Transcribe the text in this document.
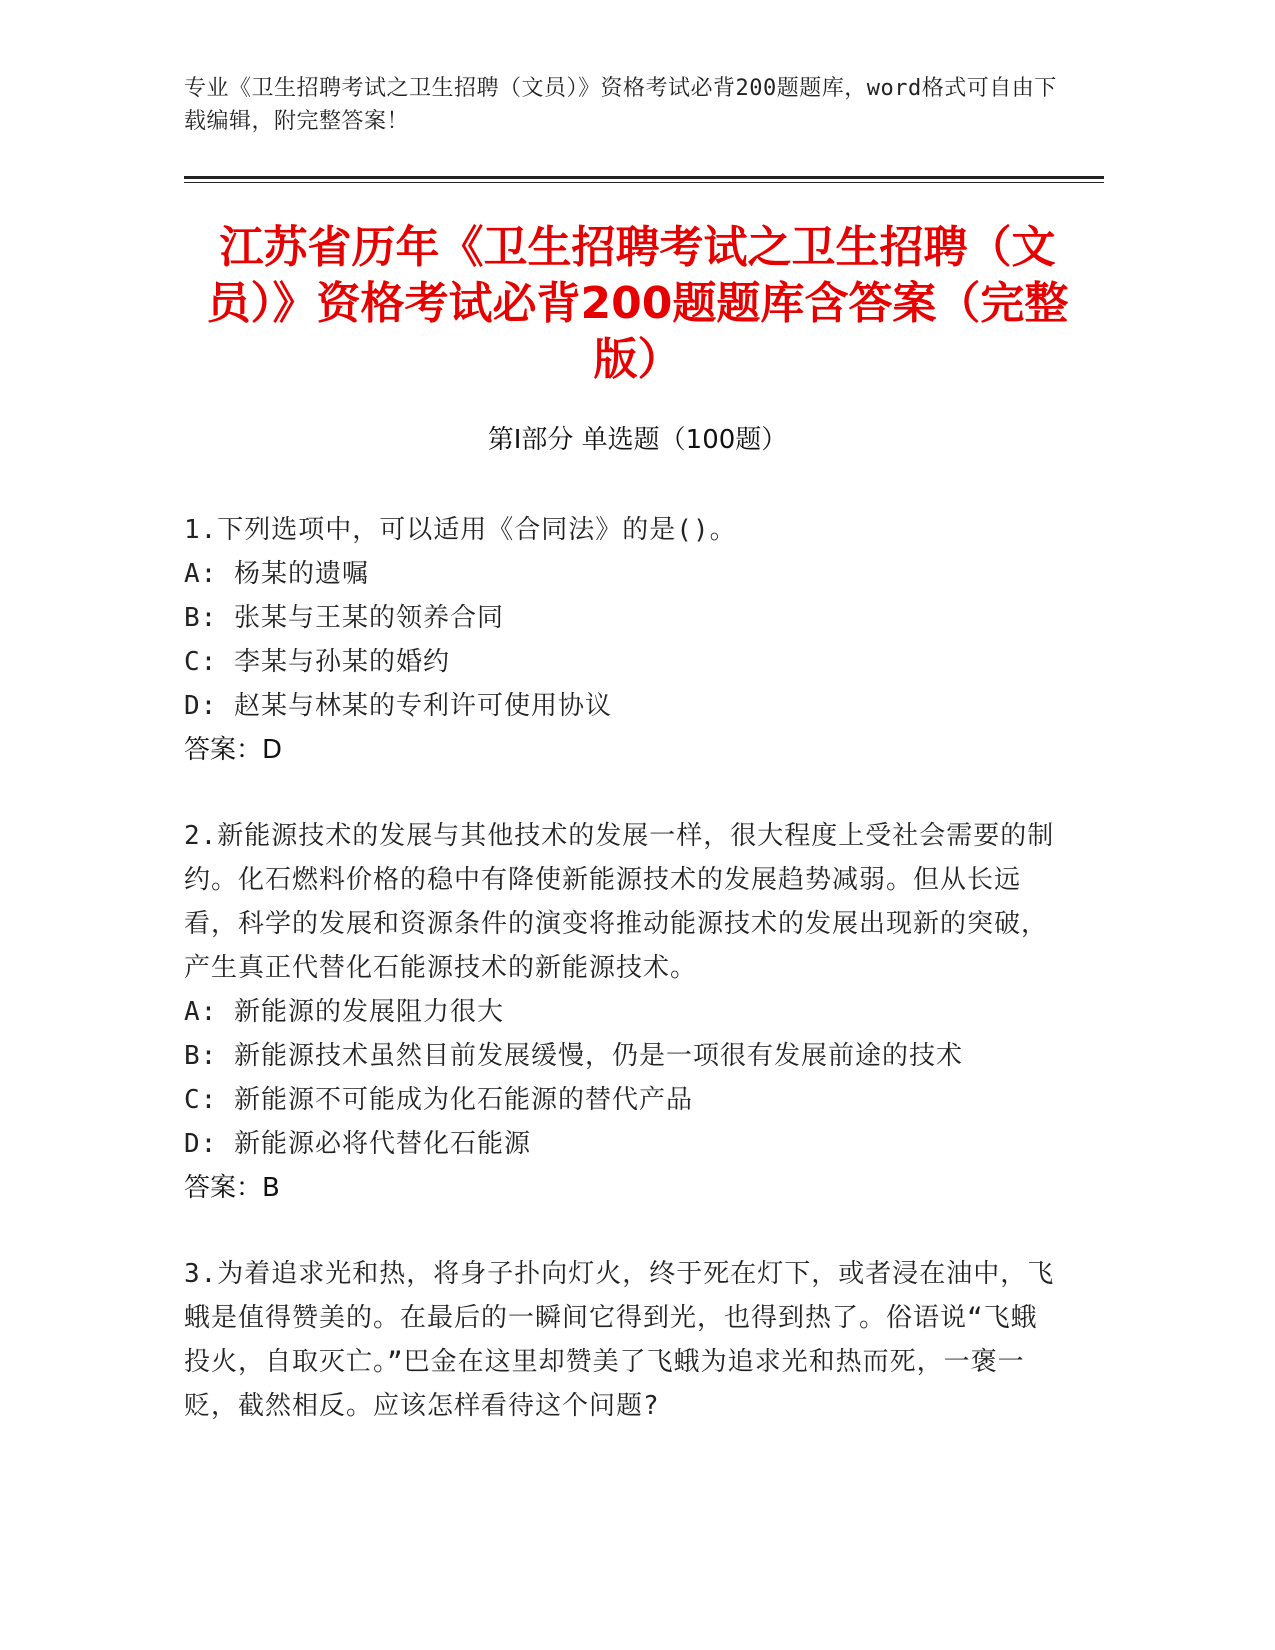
专业《卫生招聘考试之卫生招聘（文员）》资格考试必背200题题库，word格式可自由下载编辑，附完整答案！
江苏省历年《卫生招聘考试之卫生招聘（文员）》资格考试必背200题题库含答案（完整版）
第I部分 单选题（100题）
1.下列选项中，可以适用《合同法》的是()。
A: 杨某的遗嘱
B: 张某与王某的领养合同
C: 李某与孙某的婚约
D: 赵某与林某的专利许可使用协议
答案：D
2.新能源技术的发展与其他技术的发展一样，很大程度上受社会需要的制约。化石燃料价格的稳中有降使新能源技术的发展趋势减弱。但从长远看，科学的发展和资源条件的演变将推动能源技术的发展出现新的突破，产生真正代替化石能源技术的新能源技术。
A: 新能源的发展阻力很大
B: 新能源技术虽然目前发展缓慢，仍是一项很有发展前途的技术
C: 新能源不可能成为化石能源的替代产品
D: 新能源必将代替化石能源
答案：B
3.为着追求光和热，将身子扑向灯火，终于死在灯下，或者浸在油中，飞蛾是值得赞美的。在最后的一瞬间它得到光，也得到热了。俗语说“飞蛾投火，自取灭亡。”巴金在这里却赞美了飞蛾为追求光和热而死，一褒一贬，截然相反。应该怎样看待这个问题?
